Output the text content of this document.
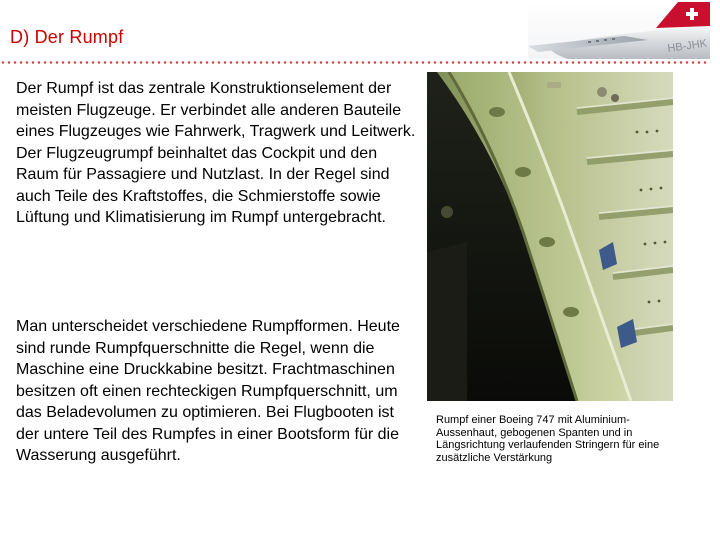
D) Der Rumpf	HB-JHK

Der Rumpf ist das zentrale Konstruktionselement der meisten Flugzeuge. Er verbindet alle anderen Bauteile eines Flugzeuges wie Fahrwerk, Tragwerk und Leitwerk. Der Flugzeugrumpf beinhaltet das Cockpit und den Raum für Passagiere und Nutzlast. In der Regel sind auch Teile des Kraftstoffes, die Schmierstoffe sowie Lüftung und Klimatisierung im Rumpf untergebracht.

Man unterscheidet verschiedene Rumpfformen. Heute sind runde Rumpfquerschnitte die Regel, wenn die Maschine eine Druckkabine besitzt. Frachtmaschinen besitzen oft einen rechteckigen Rumpfquerschnitt, um das Beladevolumen zu optimieren. Bei Flugbooten ist der untere Teil des Rumpfes in einer Bootsform für die Wasserung ausgeführt.

Rumpf einer Boeing 747 mit Aluminium-Aussenhaut, gebogenen Spanten und in Längsrichtung verlaufenden Stringern für eine zusätzliche Verstärkung
